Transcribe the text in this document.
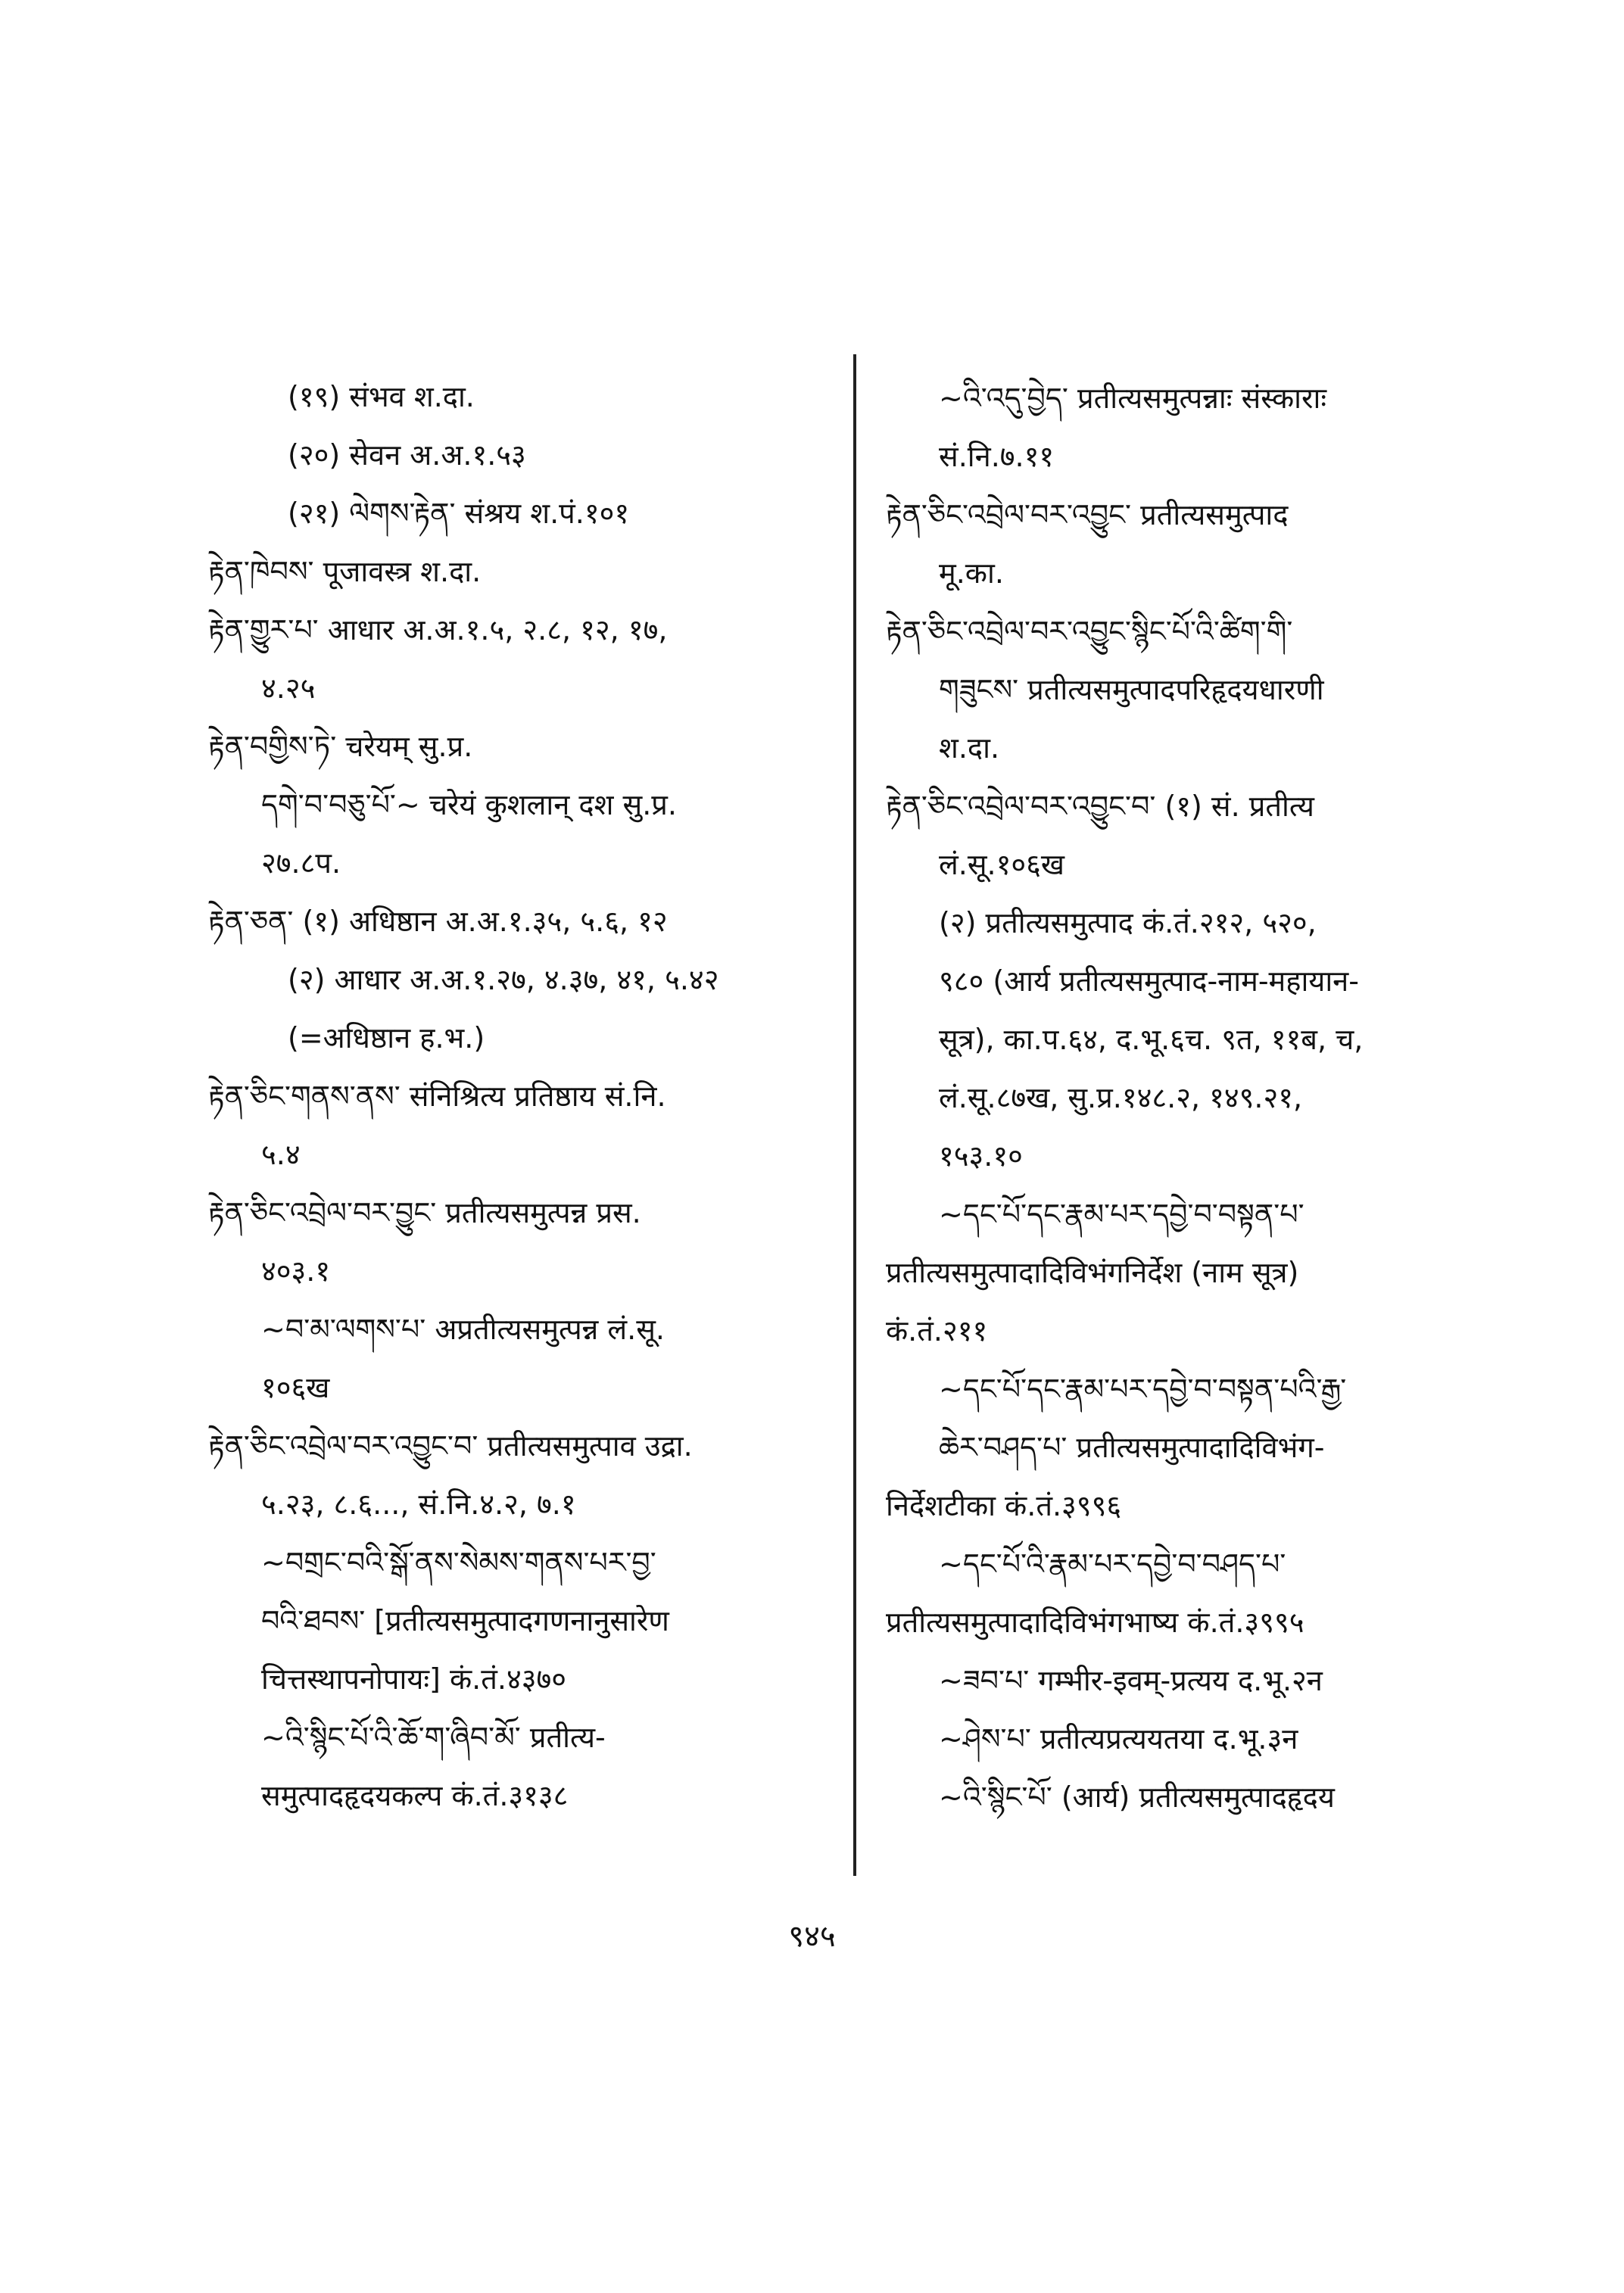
(१९) संभव श.दा.
(२०) सेवन अ.अ.१.५३
(२१) ལེགས་རྟེན་ संश्रय श.पं.१०१
རྟེན་ཁེབས་ पूजावस्त्र श.दा.
རྟེན་གྱུར་པ་ आधार अ.अ.१.५, २.८, १२, १७,
४.२५
རྟེན་བགྱིས་ཏེ་ चरेयम् सु.प्र.
དགེ་བ་བཅུ་པོ་~ चरेयं कुशलान् दश सु.प्र.
२७.८प.
རྟེན་ཅན་ (१) अधिष्ठान अ.अ.१.३५, ५.६, १२
(२) आधार अ.अ.१.२७, ४.३७, ४१, ५.४२
(=अधिष्ठान ह.भ.)
རྟེན་ཅིང་གནས་ནས་ संनिश्रित्य प्रतिष्ठाय सं.नि.
५.४
རྟེན་ཅིང་འབྲེལ་བར་བྱུང་ प्रतीत्यसमुत्पन्न प्रस.
४०३.१
~བ་མ་ལགས་པ་ अप्रतीत्यसमुत्पन्न लं.सू.
१०६ख
རྟེན་ཅིང་འབྲེལ་བར་འབྱུང་བ་ प्रतीत्यसमुत्पाव उद्रा.
५.२३, ८.६..., सं.नि.४.२, ७.१
~བགྲང་བའི་སྒོ་ནས་སེམས་གནས་པར་བྱ་
བའི་ཐབས་ [प्रतीत्यसमुत्पादगणनानुसारेण
चित्तस्थापनोपायः] कं.तं.४३७०
~འི་སྙིང་པོ་འི་ཆོ་ག་ཞིབ་མོ་ प्रतीत्य-
समुत्पादहृदयकल्प कं.तं.३१३८
~འི་འདུ་བྱེད་ प्रतीत्यसमुत्पन्नाः संस्काराः
सं.नि.७.११
རྟེན་ཅིང་འབྲེལ་བར་འབྱུང་ प्रतीत्यसमुत्पाद
मू.का.
རྟེན་ཅིང་འབྲེལ་བར་འབྱུང་སྙིང་པོ་འི་ཚིག་གི་
གཟུངས་ प्रतीत्यसमुत्पादपरिहृदयधारणी
श.दा.
རྟེན་ཅིང་འབྲེལ་བར་འབྱུང་བ་ (१) सं. प्रतीत्य
लं.सू.१०६ख
(२) प्रतीत्यसमुत्पाद कं.तं.२१२, ५२०,
९८० (आर्य प्रतीत्यसमुत्पाद-नाम-महायान-
सूत्र), का.प.६४, द.भू.६च. ९त, ११ब, च,
लं.सू.८७ख, सु.प्र.१४८.२, १४९.२१,
१५३.१०
~དང་པོ་དང་རྣམ་པར་དབྱེ་བ་བསྟན་པ་
प्रतीत्यसमुत्पादादिविभंगनिर्देश (नाम सूत्र)
कं.तं.२११
~དང་པོ་དང་རྣམ་པར་དབྱེ་བ་བསྟན་པའི་རྒྱ་
ཆེར་བཤད་པ་ प्रतीत्यसमुत्पादादिविभंग-
निर्देशटीका कं.तं.३९९६
~དང་པོ་འི་རྣམ་པར་དབྱེ་བ་བཤད་པ་
प्रतीत्यसमुत्पादादिविभंगभाष्य कं.तं.३९९५
~ཟབ་པ་ गम्भीर-इवम्-प्रत्यय द.भू.२न
~ཤེས་པ་ प्रतीत्यप्रत्ययतया द.भू.३न
~འི་སྙིང་པོ་ (आर्य) प्रतीत्यसमुत्पादहृदय
९४५
